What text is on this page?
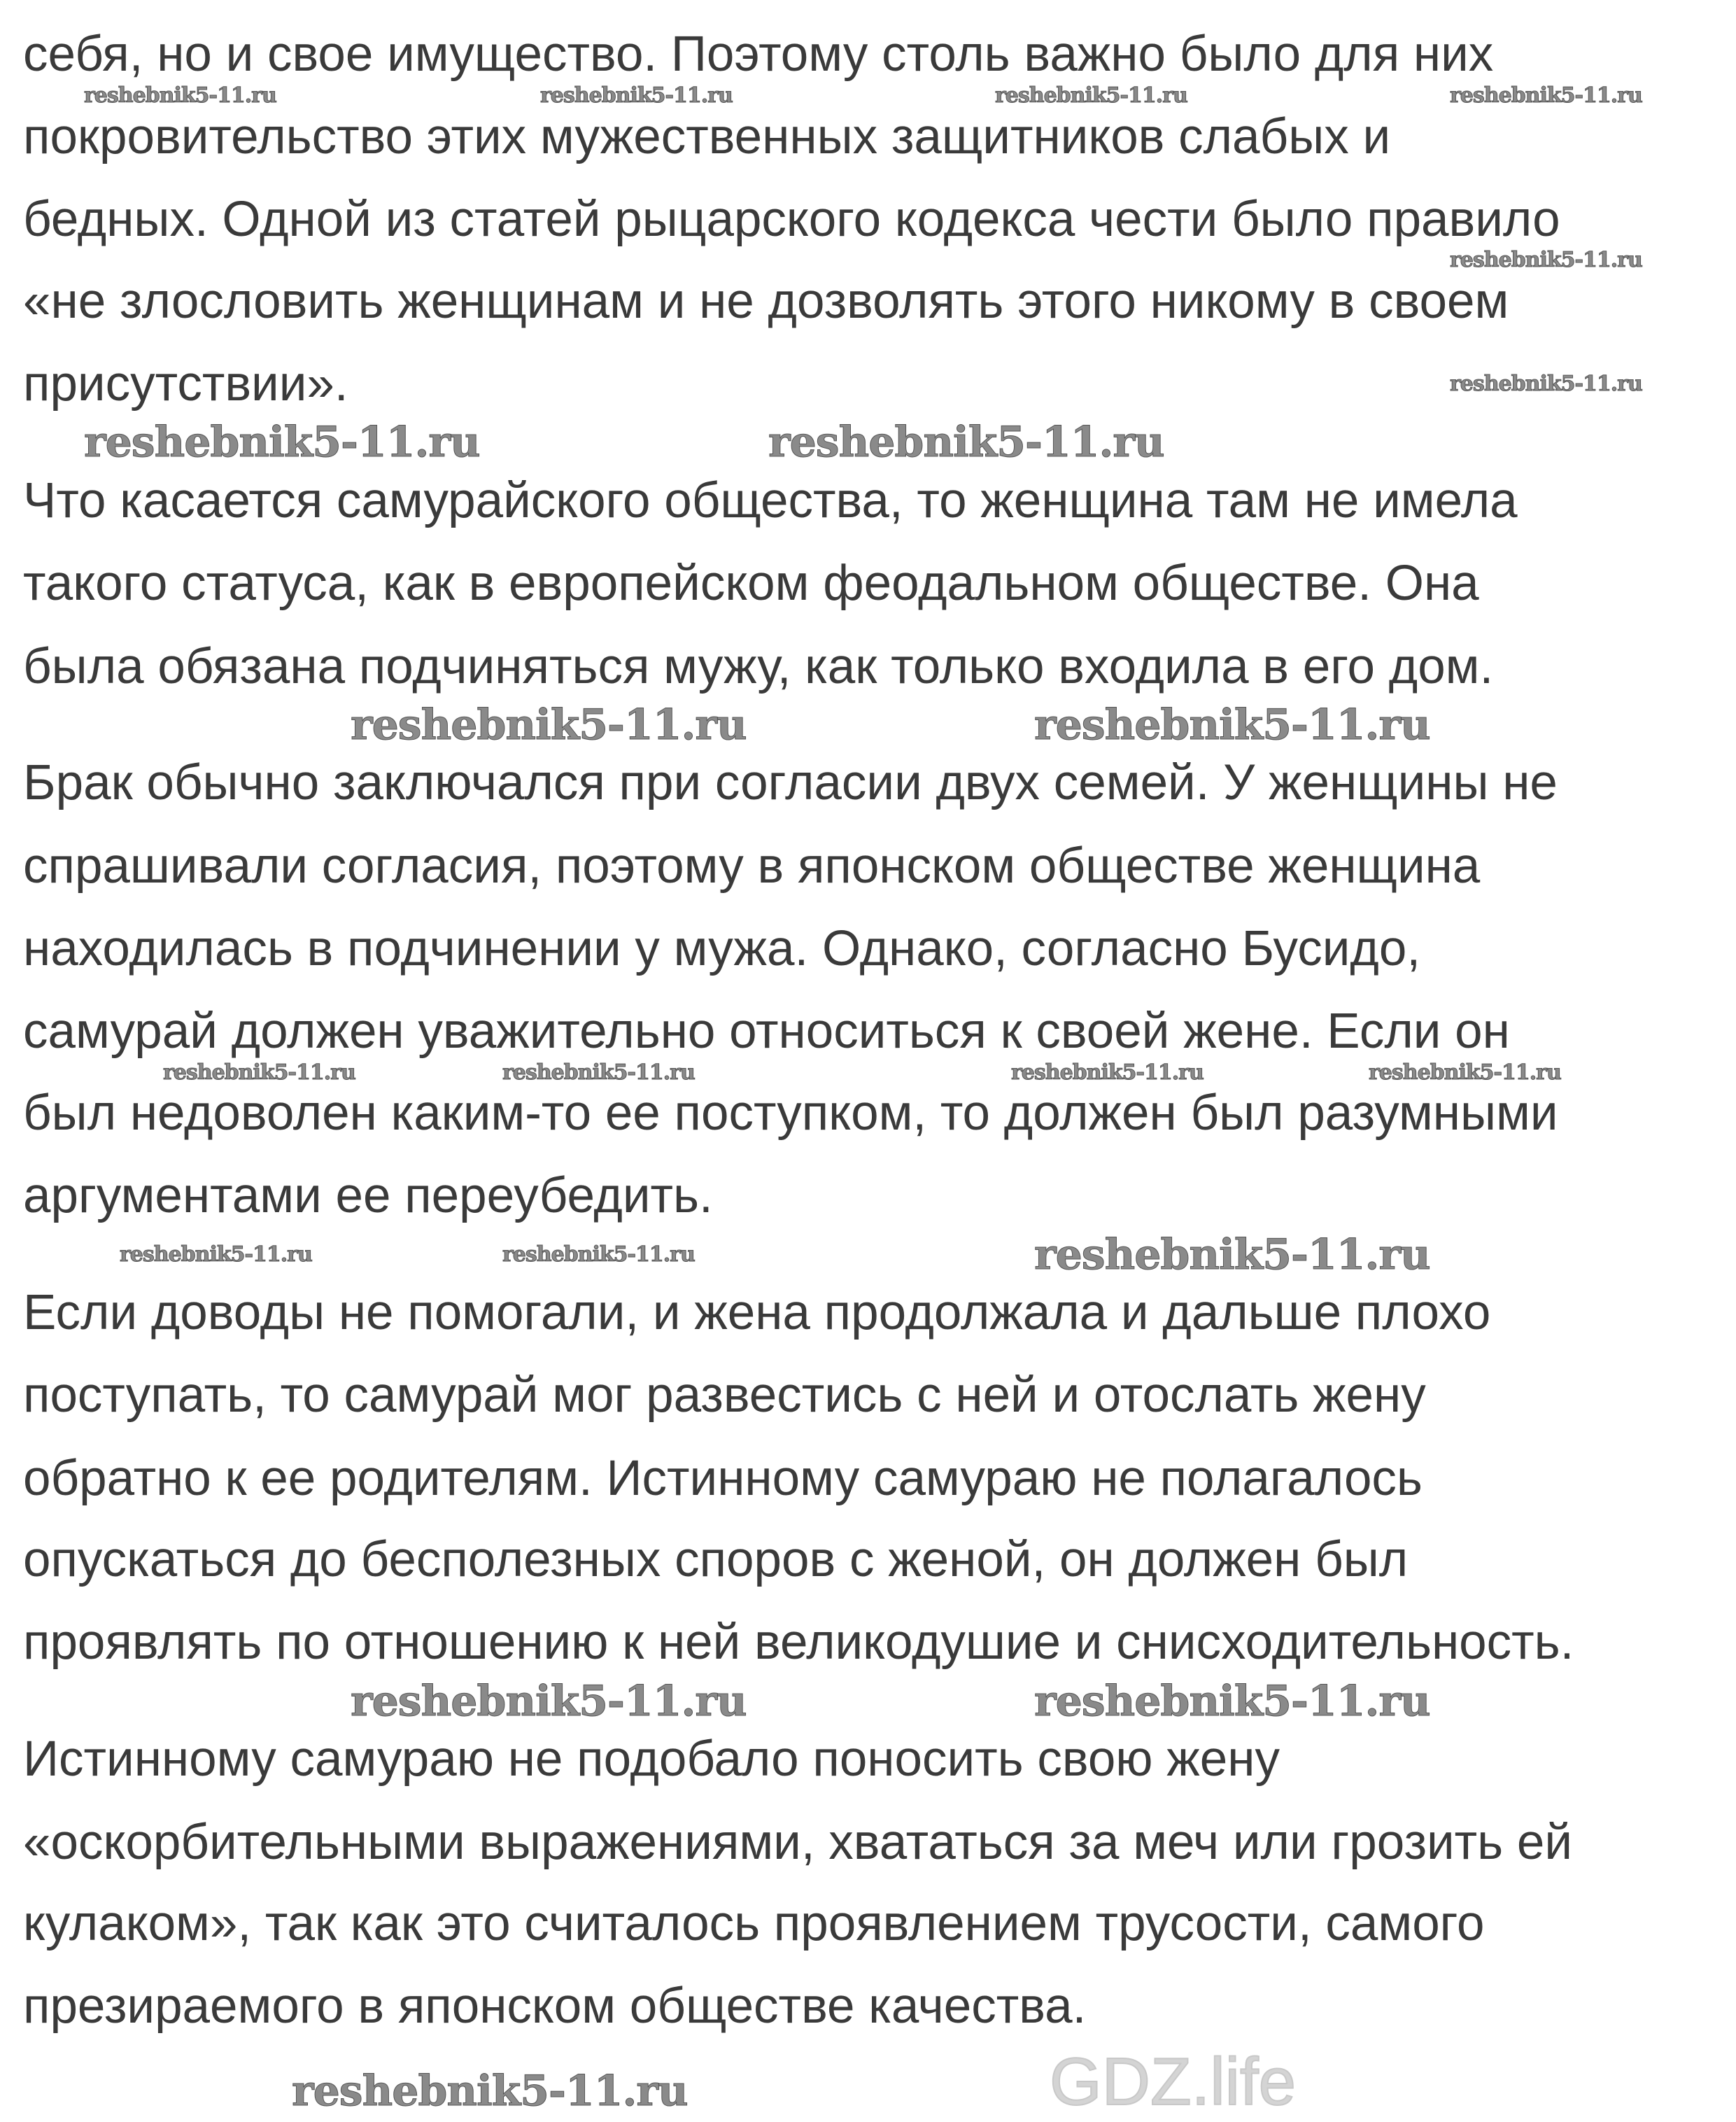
GDZ.life
себя, но и свое имущество. Поэтому столь важно было для них
покровительство этих мужественных защитников слабых и
бедных. Одной из статей рыцарского кодекса чести было правило
«не злословить женщинам и не дозволять этого никому в своем
присутствии».
Что касается самурайского общества, то женщина там не имела
такого статуса, как в европейском феодальном обществе. Она
была обязана подчиняться мужу, как только входила в его дом.
Брак обычно заключался при согласии двух семей. У женщины не
спрашивали согласия, поэтому в японском обществе женщина
находилась в подчинении у мужа. Однако, согласно Бусидо,
самурай должен уважительно относиться к своей жене. Если он
был недоволен каким-то ее поступком, то должен был разумными
аргументами ее переубедить.
Если доводы не помогали, и жена продолжала и дальше плохо
поступать, то самурай мог развестись с ней и отослать жену
обратно к ее родителям. Истинному самураю не полагалось
опускаться до бесполезных споров с женой, он должен был
проявлять по отношению к ней великодушие и снисходительность.
Истинному самураю не подобало поносить свою жену
«оскорбительными выражениями, хвататься за меч или грозить ей
кулаком», так как это считалось проявлением трусости, самого
презираемого в японском обществе качества.
reshebnik5-11.ru	reshebnik5-11.ru	reshebnik5-11.ru	reshebnik5-11.ru
reshebnik5-11.ru
reshebnik5-11.ru
reshebnik5-11.ru
reshebnik5-11.ru
reshebnik5-11.ru
reshebnik5-11.ru
reshebnik5-11.ru
reshebnik5-11.ru	reshebnik5-11.ru
reshebnik5-11.ru
reshebnik5-11.ru	reshebnik5-11.ru	reshebnik5-11.ru	reshebnik5-11.ru
reshebnik5-11.ru	reshebnik5-11.ru
